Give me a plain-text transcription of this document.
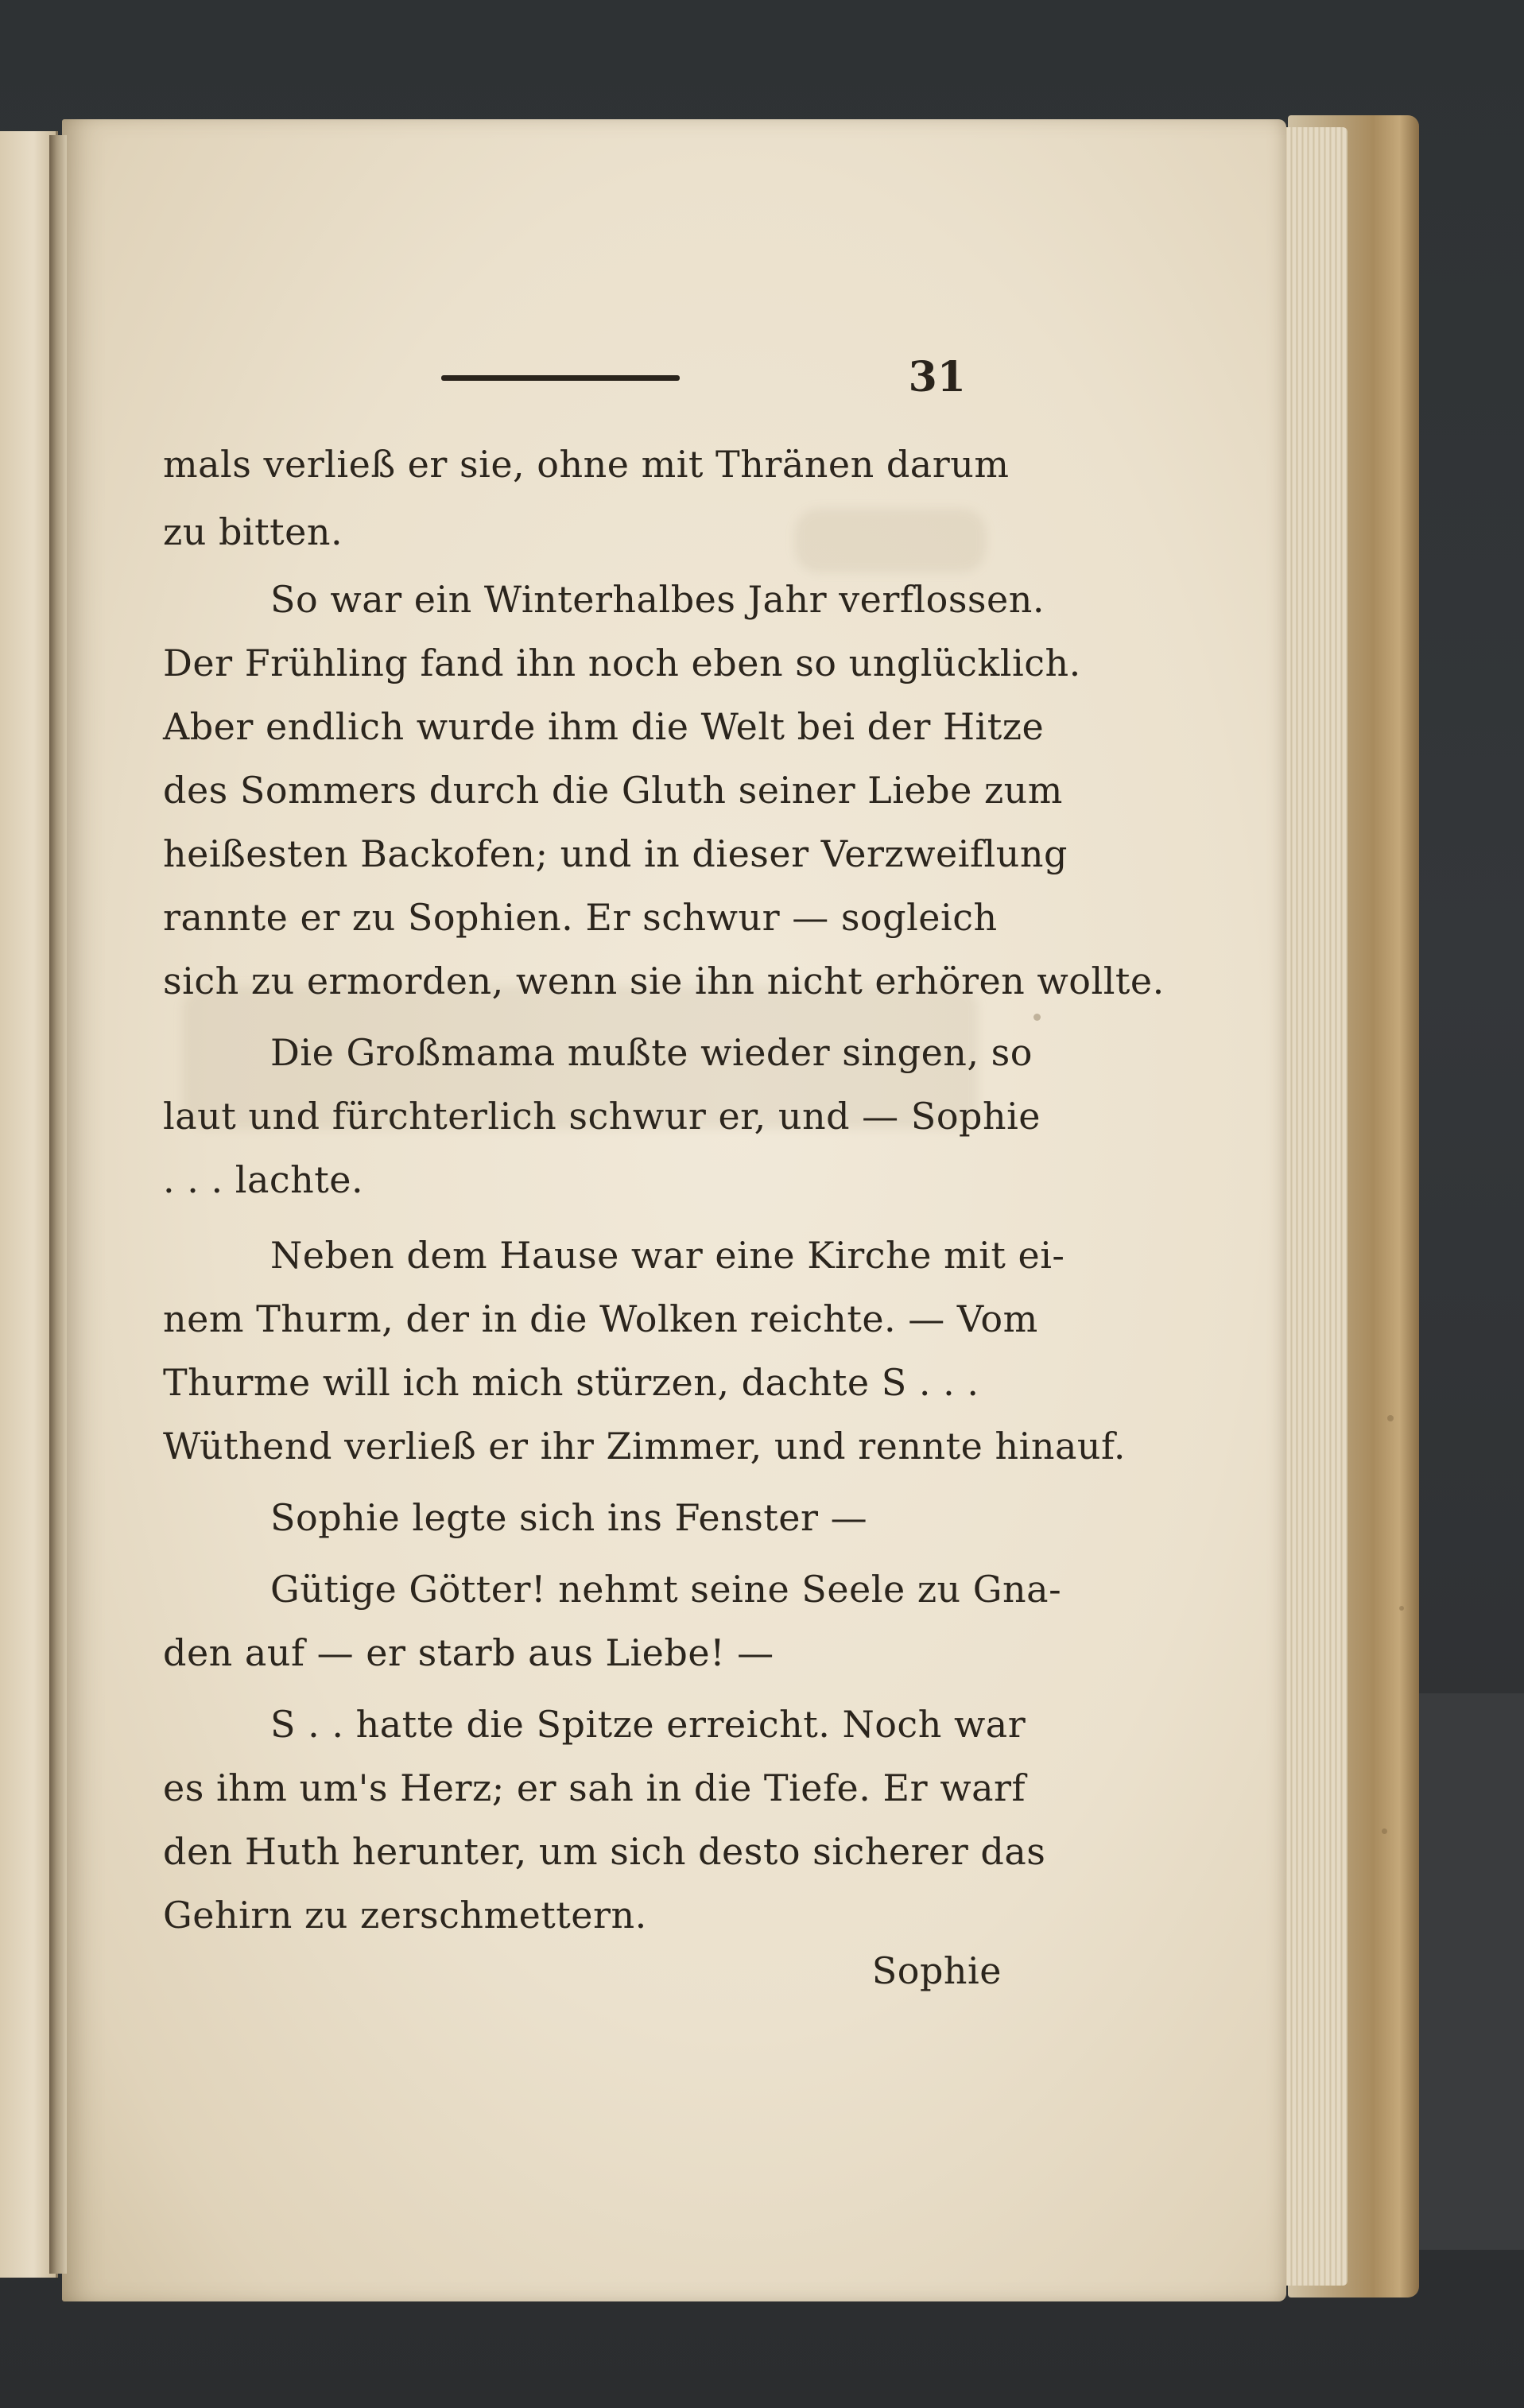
31
mals verließ er sie, ohne mit Thränen darum
zu bitten.
So war ein Winterhalbes Jahr verflossen.
Der Frühling fand ihn noch eben so unglücklich.
Aber endlich wurde ihm die Welt bei der Hitze
des Sommers durch die Gluth seiner Liebe zum
heißesten Backofen; und in dieser Verzweiflung
rannte er zu Sophien. Er schwur — sogleich
sich zu ermorden, wenn sie ihn nicht erhören wollte.
Die Großmama mußte wieder singen, so
laut und fürchterlich schwur er, und — Sophie
. . . lachte.
Neben dem Hause war eine Kirche mit ei-
nem Thurm, der in die Wolken reichte. — Vom
Thurme will ich mich stürzen, dachte S . . .
Wüthend verließ er ihr Zimmer, und rennte hinauf.
Sophie legte sich ins Fenster —
Gütige Götter! nehmt seine Seele zu Gna-
den auf — er starb aus Liebe! —
S . . hatte die Spitze erreicht. Noch war
es ihm um's Herz; er sah in die Tiefe. Er warf
den Huth herunter, um sich desto sicherer das
Gehirn zu zerschmettern.
Sophie
